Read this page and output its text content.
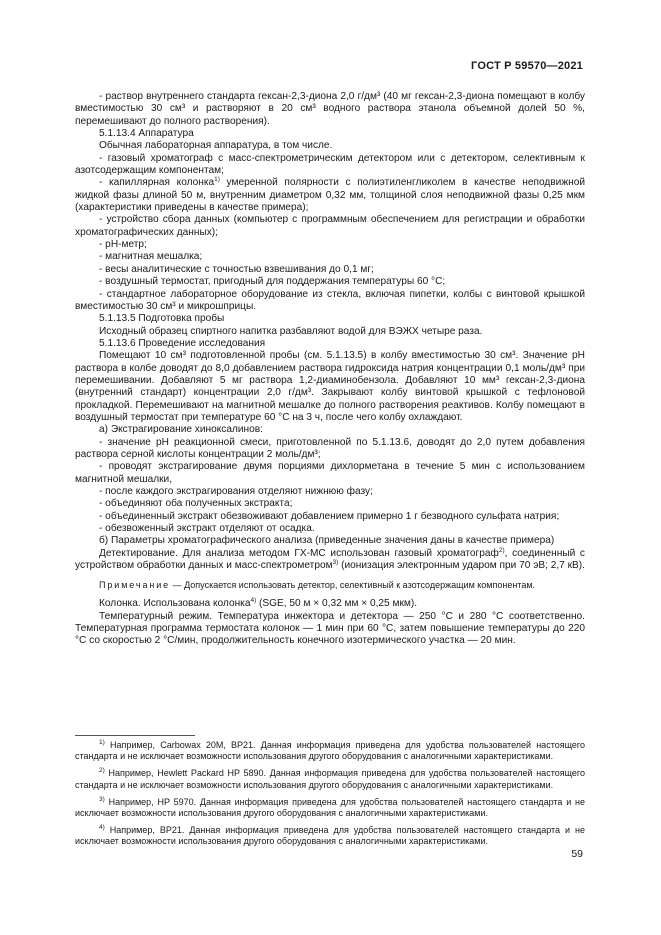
ГОСТ Р 59570—2021

- раствор внутреннего стандарта гексан-2,3-диона 2,0 г/дм³ (40 мг гексан-2,3-диона помещают в колбу вместимостью 30 см³ и растворяют в 20 см³ водного раствора этанола объемной долей 50 %, перемешивают до полного растворения).

5.1.13.4 Аппаратура

Обычная лабораторная аппаратура, в том числе.

- газовый хроматограф с масс-спектрометрическим детектором или с детектором, селективным к азотсодержащим компонентам;

- капиллярная колонка$^{1)}$ умеренной полярности с полиэтиленгликолем в качестве неподвижной жидкой фазы длиной 50 м, внутренним диаметром 0,32 мм, толщиной слоя неподвижной фазы 0,25 мкм (характеристики приведены в качестве примера);

- устройство сбора данных (компьютер с программным обеспечением для регистрации и обработки хроматографических данных);

- pH-метр;

- магнитная мешалка;

- весы аналитические с точностью взвешивания до 0,1 мг;

- воздушный термостат, пригодный для поддержания температуры 60 °С;

- стандартное лабораторное оборудование из стекла, включая пипетки, колбы с винтовой крышкой вместимостью 30 см³ и микрошприцы.

5.1.13.5 Подготовка пробы

Исходный образец спиртного напитка разбавляют водой для ВЭЖХ четыре раза.

5.1.13.6 Проведение исследования

Помещают 10 см³ подготовленной пробы (см. 5.1.13.5) в колбу вместимостью 30 см³. Значение pH раствора в колбе доводят до 8,0 добавлением раствора гидроксида натрия концентрации 0,1 моль/дм³ при перемешивании. Добавляют 5 мг раствора 1,2-диаминобензола. Добавляют 10 мм³ гексан-2,3-диона (внутренний стандарт) концентрации 2,0 г/дм³. Закрывают колбу винтовой крышкой с тефлоновой прокладкой. Перемешивают на магнитной мешалке до полного растворения реактивов. Колбу помещают в воздушный термостат при температуре 60 °С на 3 ч, после чего колбу охлаждают.

а) Экстрагирование хиноксалинов:

- значение pH реакционной смеси, приготовленной по 5.1.13.6, доводят до 2,0 путем добавления раствора серной кислоты концентрации 2 моль/дм³;

- проводят экстрагирование двумя порциями дихлорметана в течение 5 мин с использованием магнитной мешалки,

- после каждого экстрагирования отделяют нижнюю фазу;

- объединяют оба полученных экстракта;

- объединенный экстракт обезвоживают добавлением примерно 1 г безводного сульфата натрия;

- обезвоженный экстракт отделяют от осадка.

б) Параметры хроматографического анализа (приведенные значения даны в качестве примера)

Детектирование. Для анализа методом ГХ-МС использован газовый хроматограф$^{2)}$, соединенный с устройством обработки данных и масс-спектрометром$^{3)}$ (ионизация электронным ударом при 70 эВ; 2,7 кВ).

Примечание — Допускается использовать детектор, селективный к азотсодержащим компонентам.

Колонка. Использована колонка$^{4)}$ (SGE, 50 м × 0,32 мм × 0,25 мкм).

Температурный режим. Температура инжектора и детектора — 250 °С и 280 °С соответственно. Температурная программа термостата колонок — 1 мин при 60 °С, затем повышение температуры до 220 °С со скоростью 2 °С/мин, продолжительность конечного изотермического участка — 20 мин.

$^{1)}$ Например, Carbowax 20M, BP21. Данная информация приведена для удобства пользователей настоящего стандарта и не исключает возможности использования другого оборудования с аналогичными характеристиками.

$^{2)}$ Например, Hewlett Packard HP 5890. Данная информация приведена для удобства пользователей настоящего стандарта и не исключает возможности использования другого оборудования с аналогичными характеристиками.

$^{3)}$ Например, HP 5970. Данная информация приведена для удобства пользователей настоящего стандарта и не исключает возможности использования другого оборудования с аналогичными характеристиками.

$^{4)}$ Например, BP21. Данная информация приведена для удобства пользователей настоящего стандарта и не исключает возможности использования другого оборудования с аналогичными характеристиками.

59
